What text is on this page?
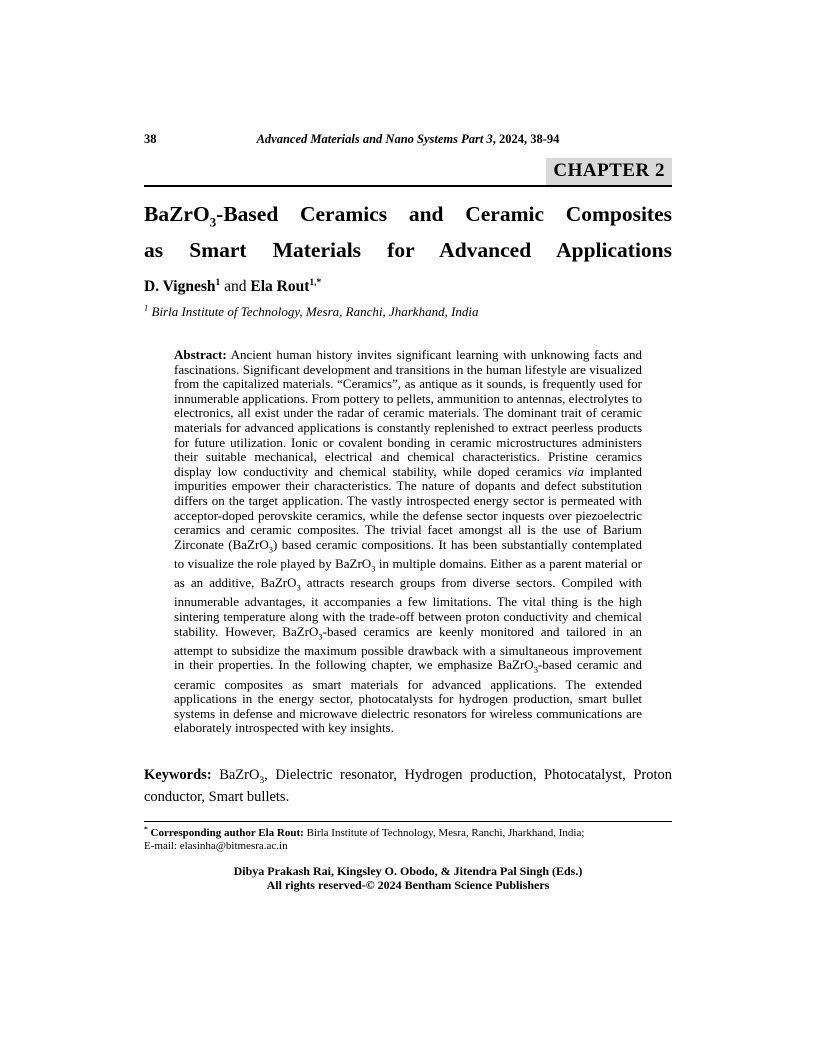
38	Advanced Materials and Nano Systems Part 3, 2024, 38-94
CHAPTER 2
BaZrO$_3$-Based Ceramics and Ceramic Composites
as Smart Materials for Advanced Applications
D. Vignesh$^1$ and Ela Rout$^{1,*}$
$^1$ Birla Institute of Technology, Mesra, Ranchi, Jharkhand, India

Abstract: Ancient human history invites significant learning with unknowing facts and fascinations. Significant development and transitions in the human lifestyle are visualized from the capitalized materials. “Ceramics”, as antique as it sounds, is frequently used for innumerable applications. From pottery to pellets, ammunition to antennas, electrolytes to electronics, all exist under the radar of ceramic materials. The dominant trait of ceramic materials for advanced applications is constantly replenished to extract peerless products for future utilization. Ionic or covalent bonding in ceramic microstructures administers their suitable mechanical, electrical and chemical characteristics. Pristine ceramics display low conductivity and chemical stability, while doped ceramics via implanted impurities empower their characteristics. The nature of dopants and defect substitution differs on the target application. The vastly introspected energy sector is permeated with acceptor-doped perovskite ceramics, while the defense sector inquests over piezoelectric ceramics and ceramic composites. The trivial facet amongst all is the use of Barium Zirconate (BaZrO$_3$) based ceramic compositions. It has been substantially contemplated to visualize the role played by BaZrO$_3$ in multiple domains. Either as a parent material or as an additive, BaZrO$_3$ attracts research groups from diverse sectors. Compiled with innumerable advantages, it accompanies a few limitations. The vital thing is the high sintering temperature along with the trade-off between proton conductivity and chemical stability. However, BaZrO$_3$-based ceramics are keenly monitored and tailored in an attempt to subsidize the maximum possible drawback with a simultaneous improvement in their properties. In the following chapter, we emphasize BaZrO$_3$-based ceramic and ceramic composites as smart materials for advanced applications. The extended applications in the energy sector, photocatalysts for hydrogen production, smart bullet systems in defense and microwave dielectric resonators for wireless communications are elaborately introspected with key insights.

Keywords: BaZrO$_3$, Dielectric resonator, Hydrogen production, Photocatalyst, Proton conductor, Smart bullets.

* Corresponding author Ela Rout: Birla Institute of Technology, Mesra, Ranchi, Jharkhand, India;
E-mail: elasinha@bitmesra.ac.in
Dibya Prakash Rai, Kingsley O. Obodo, & Jitendra Pal Singh (Eds.)
All rights reserved-© 2024 Bentham Science Publishers
